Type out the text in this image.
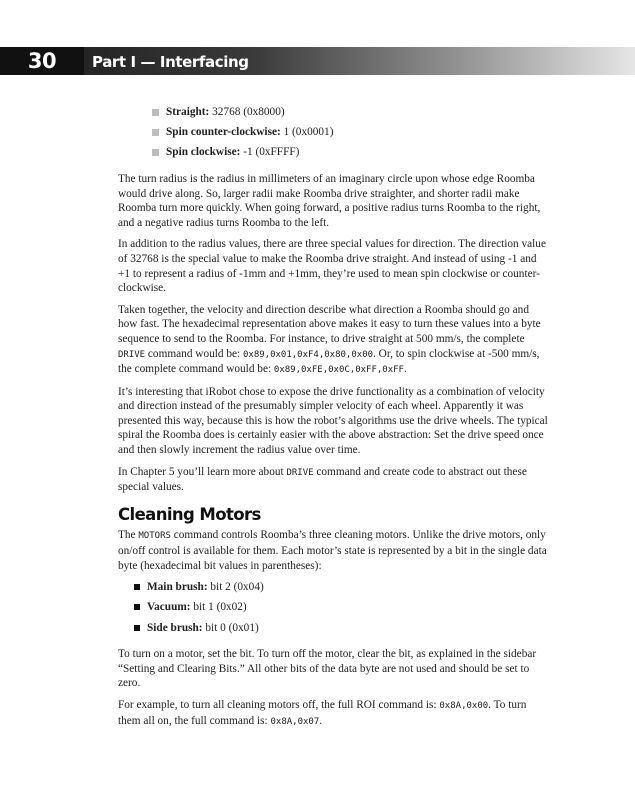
30	Part I — Interfacing
Straight: 32768 (0x8000)
Spin counter-clockwise: 1 (0x0001)
Spin clockwise: -1 (0xFFFF)

The turn radius is the radius in millimeters of an imaginary circle upon whose edge Roomba would drive along. So, larger radii make Roomba drive straighter, and shorter radii make Roomba turn more quickly. When going forward, a positive radius turns Roomba to the right, and a negative radius turns Roomba to the left.

In addition to the radius values, there are three special values for direction. The direction value of 32768 is the special value to make the Roomba drive straight. And instead of using -1 and +1 to represent a radius of -1mm and +1mm, they’re used to mean spin clockwise or counter-clockwise.

Taken together, the velocity and direction describe what direction a Roomba should go and how fast. The hexadecimal representation above makes it easy to turn these values into a byte sequence to send to the Roomba. For instance, to drive straight at 500 mm/s, the complete DRIVE command would be: 0x89,0x01,0xF4,0x80,0x00. Or, to spin clockwise at -500 mm/s, the complete command would be: 0x89,0xFE,0x0C,0xFF,0xFF.

It’s interesting that iRobot chose to expose the drive functionality as a combination of velocity and direction instead of the presumably simpler velocity of each wheel. Apparently it was presented this way, because this is how the robot’s algorithms use the drive wheels. The typical spiral the Roomba does is certainly easier with the above abstraction: Set the drive speed once and then slowly increment the radius value over time.

In Chapter 5 you’ll learn more about DRIVE command and create code to abstract out these special values.

Cleaning Motors

The MOTORS command controls Roomba’s three cleaning motors. Unlike the drive motors, only on/off control is available for them. Each motor’s state is represented by a bit in the single data byte (hexadecimal bit values in parentheses):

Main brush: bit 2 (0x04)
Vacuum: bit 1 (0x02)
Side brush: bit 0 (0x01)

To turn on a motor, set the bit. To turn off the motor, clear the bit, as explained in the sidebar “Setting and Clearing Bits.” All other bits of the data byte are not used and should be set to zero.

For example, to turn all cleaning motors off, the full ROI command is: 0x8A,0x00. To turn them all on, the full command is: 0x8A,0x07.
